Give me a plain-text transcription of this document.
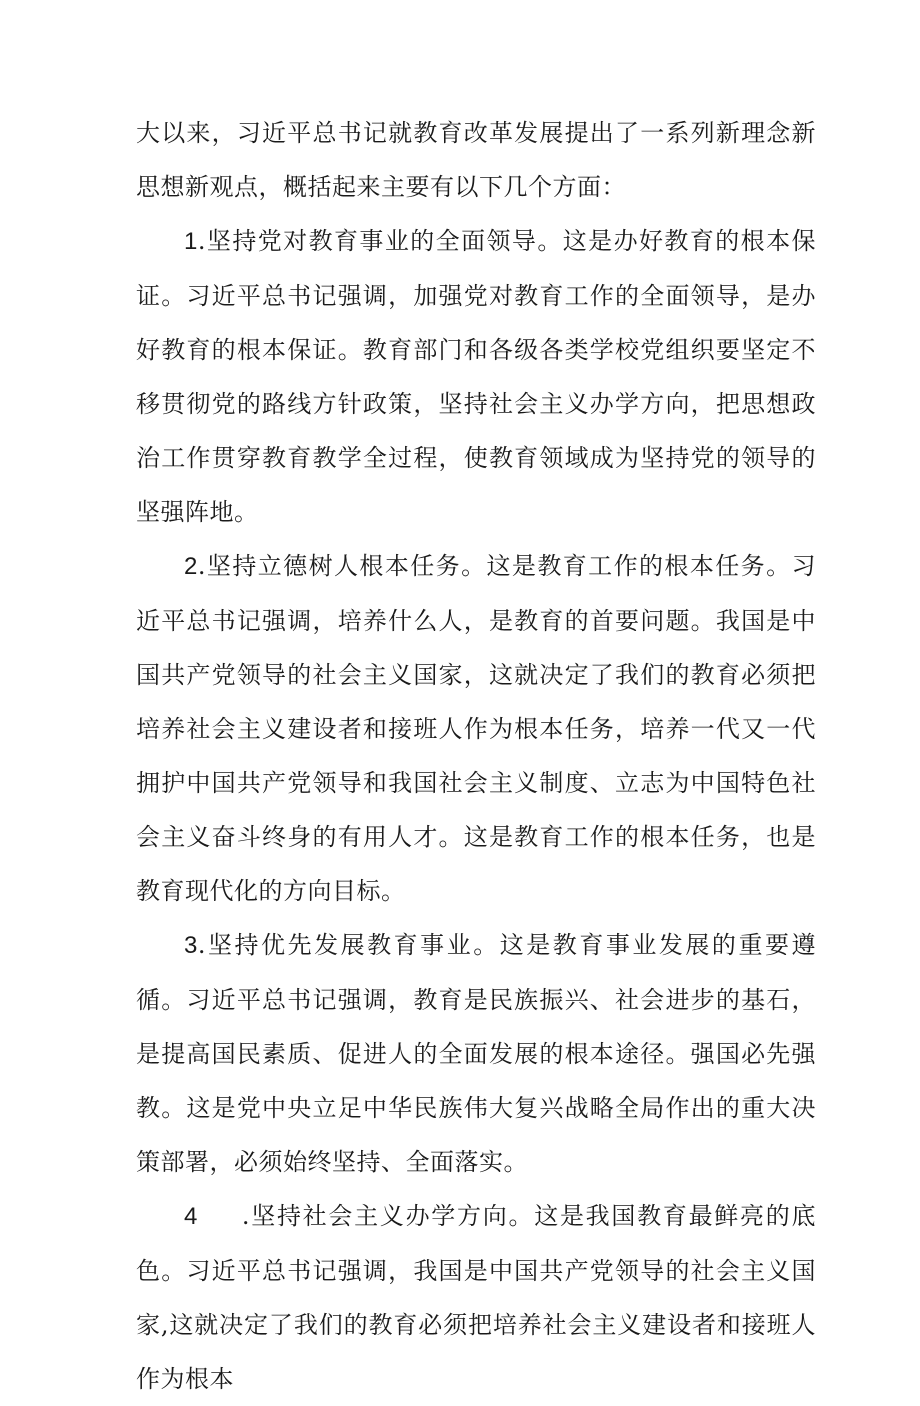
大以来，习近平总书记就教育改革发展提出了一系列新理念新思想新观点，概括起来主要有以下几个方面：

1.坚持党对教育事业的全面领导。这是办好教育的根本保证。习近平总书记强调，加强党对教育工作的全面领导，是办好教育的根本保证。教育部门和各级各类学校党组织要坚定不移贯彻党的路线方针政策，坚持社会主义办学方向，把思想政治工作贯穿教育教学全过程，使教育领域成为坚持党的领导的坚强阵地。

2.坚持立德树人根本任务。这是教育工作的根本任务。习近平总书记强调，培养什么人，是教育的首要问题。我国是中国共产党领导的社会主义国家，这就决定了我们的教育必须把培养社会主义建设者和接班人作为根本任务，培养一代又一代拥护中国共产党领导和我国社会主义制度、立志为中国特色社会主义奋斗终身的有用人才。这是教育工作的根本任务，也是教育现代化的方向目标。

3.坚持优先发展教育事业。这是教育事业发展的重要遵循。习近平总书记强调，教育是民族振兴、社会进步的基石，是提高国民素质、促进人的全面发展的根本途径。强国必先强教。这是党中央立足中华民族伟大复兴战略全局作出的重大决策部署，必须始终坚持、全面落实。

4 .坚持社会主义办学方向。这是我国教育最鲜亮的底色。习近平总书记强调，我国是中国共产党领导的社会主义国家,这就决定了我们的教育必须把培养社会主义建设者和接班人作为根本
